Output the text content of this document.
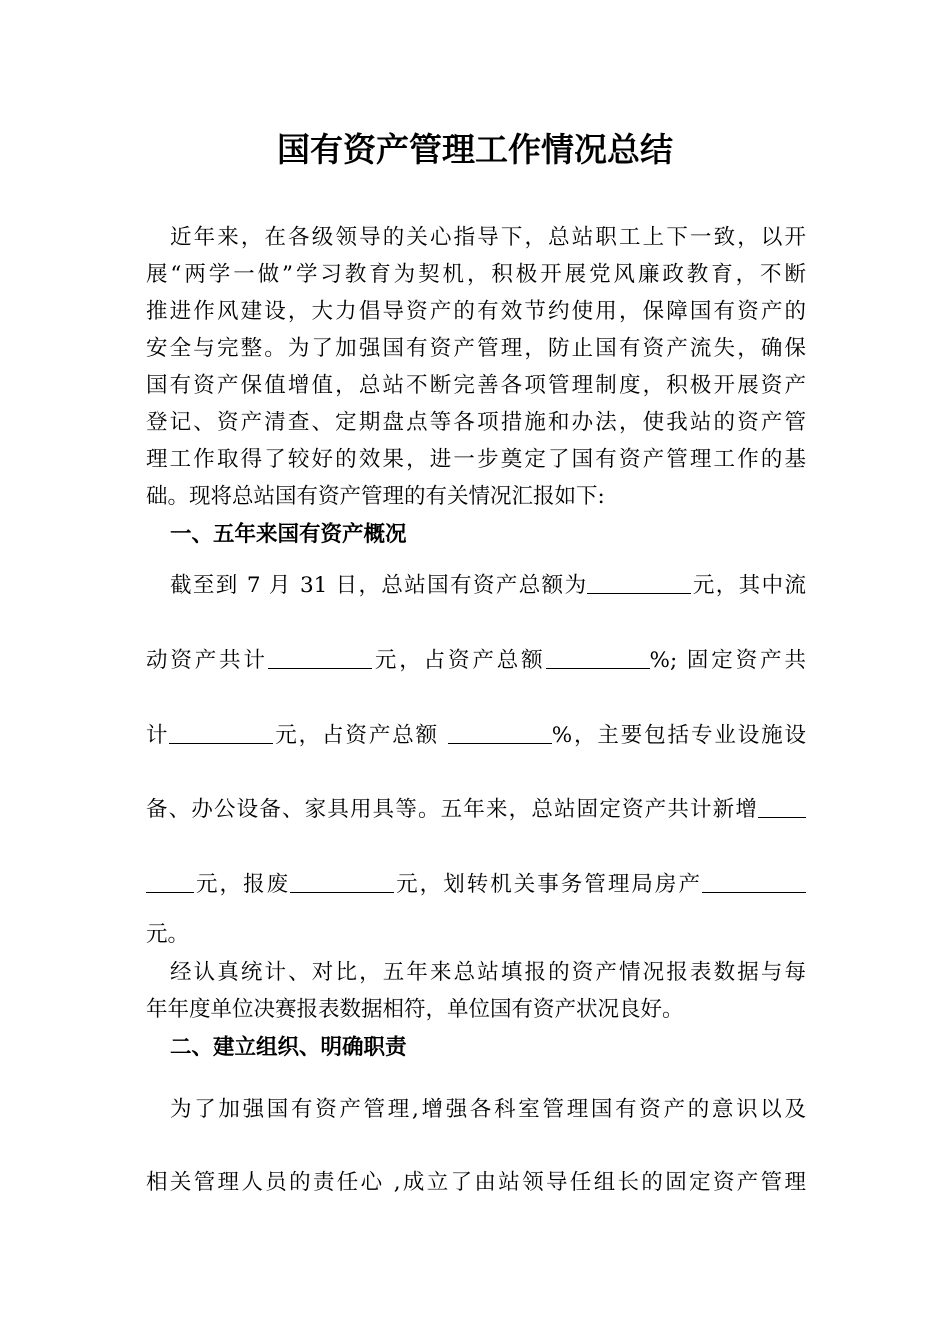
国有资产管理工作情况总结
近年来，在各级领导的关心指导下，总站职工上下一致，以开
展“两学一做”学习教育为契机，积极开展党风廉政教育，不断
推进作风建设，大力倡导资产的有效节约使用，保障国有资产的
安全与完整。为了加强国有资产管理，防止国有资产流失，确保
国有资产保值增值，总站不断完善各项管理制度，积极开展资产
登记、资产清查、定期盘点等各项措施和办法，使我站的资产管
理工作取得了较好的效果，进一步奠定了国有资产管理工作的基
础。现将总站国有资产管理的有关情况汇报如下:
一、五年来国有资产概况
截至到 7 月 31 日，总站国有资产总额为	元，其中流
动资产共计	元，占资产总额	%; 固定资产共
计	元，占资产总额	%，主要包括专业设施设
备、办公设备、家具用具等。五年来，总站固定资产共计新增
元，报废	元，划转机关事务管理局房产
元。
经认真统计、对比，五年来总站填报的资产情况报表数据与每
年年度单位决赛报表数据相符，单位国有资产状况良好。
二、建立组织、明确职责
为了加强国有资产管理,增强各科室管理国有资产的意识以及
相关管理人员的责任心 ,成立了由站领导任组长的固定资产管理
